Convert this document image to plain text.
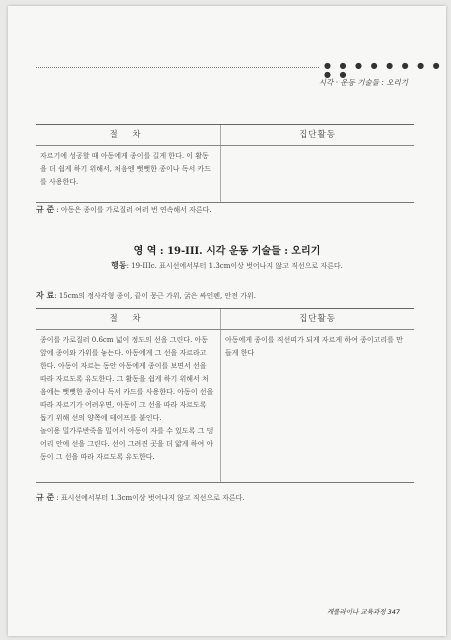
● ● ● ● ● ● ● ● ● ●
시각 · 운동 기술들 : 오리기
절 차	집단활동
자르기에 성공할 때 아동에게 종이를 길게 한다. 이 활동을 더 쉽게 하기 위해서, 처음엔 뻣뻣한 종이나 독서 카드를 사용한다.	
규 준 : 아동은 종이를 가로질러 여러 번 연속해서 자른다.
영 역 : 19-III. 시각 운동 기술들 : 오리기
행동: 19-IIIc. 표시선에서부터 1.3cm이상 벗어나지 않고 직선으로 자른다.
자 료: 15cm의 정사각형 종이, 끝이 뭉근 가위, 굵은 싸인펜, 안전 가위.
절 차	집단활동
종이를 가로질러 0.6cm 넓이 정도의 선을 그린다. 아동 앞에 종이와 가위를 놓는다. 아동에게 그 선을 자르라고 한다. 아동이 자르는 동안 아동에게 종이를 보면서 선을 따라 자르도록 유도한다. 그 활동을 쉽게 하기 위해서 처음에는 뻣뻣한 종이나 독서 카드를 사용한다. 아동이 선을 따라 자르기가 어려우면, 아동이 그 선을 따라 자르도록 돕기 위해 선의 양쪽에 테이프를 붙인다.
놀이용 밀가루반죽을 밀어서 아동이 자를 수 있도록 그 덩어리 안에 선을 그린다. 선이 그려진 곳을 더 얇게 하여 아동이 그 선을 따라 자르도록 유도한다.	아동에게 종이를 직선띠가 되게 자르게 하여 종이고리를 만들게 한다
규 준 : 표시선에서부터 1.3cm이상 벗어나지 않고 직선으로 자른다.
캐롤라이나 교육과정 347
